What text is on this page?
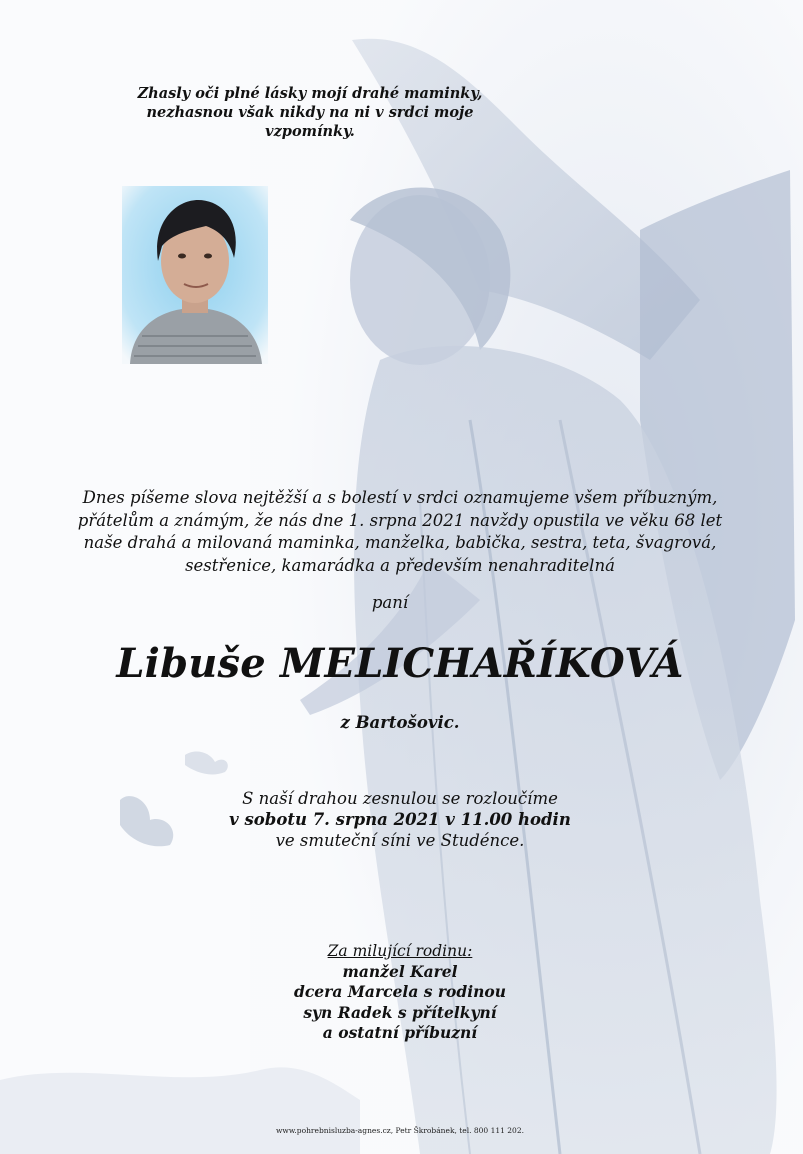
Zhasly oči plné lásky mojí drahé maminky,
nezhasnou však nikdy na ni v srdci moje vzpomínky.
Dnes píšeme slova nejtěžší a s bolestí v srdci oznamujeme všem příbuzným,
přátelům a známým, že nás dne 1. srpna 2021 navždy opustila ve věku 68 let
naše drahá a milovaná maminka, manželka, babička, sestra, teta, švagrová,
sestřenice, kamarádka a především nenahraditelná
paní
Libuše MELICHAŘÍKOVÁ
z Bartošovic.
S naší drahou zesnulou se rozloučíme
v sobotu 7. srpna 2021 v 11.00 hodin
ve smuteční síni ve Studénce.
Za milující rodinu:
manžel Karel
dcera Marcela s rodinou
syn Radek s přítelkyní
a ostatní příbuzní
www.pohrebnisluzba-agnes.cz, Petr Škrobánek, tel. 800 111 202.
